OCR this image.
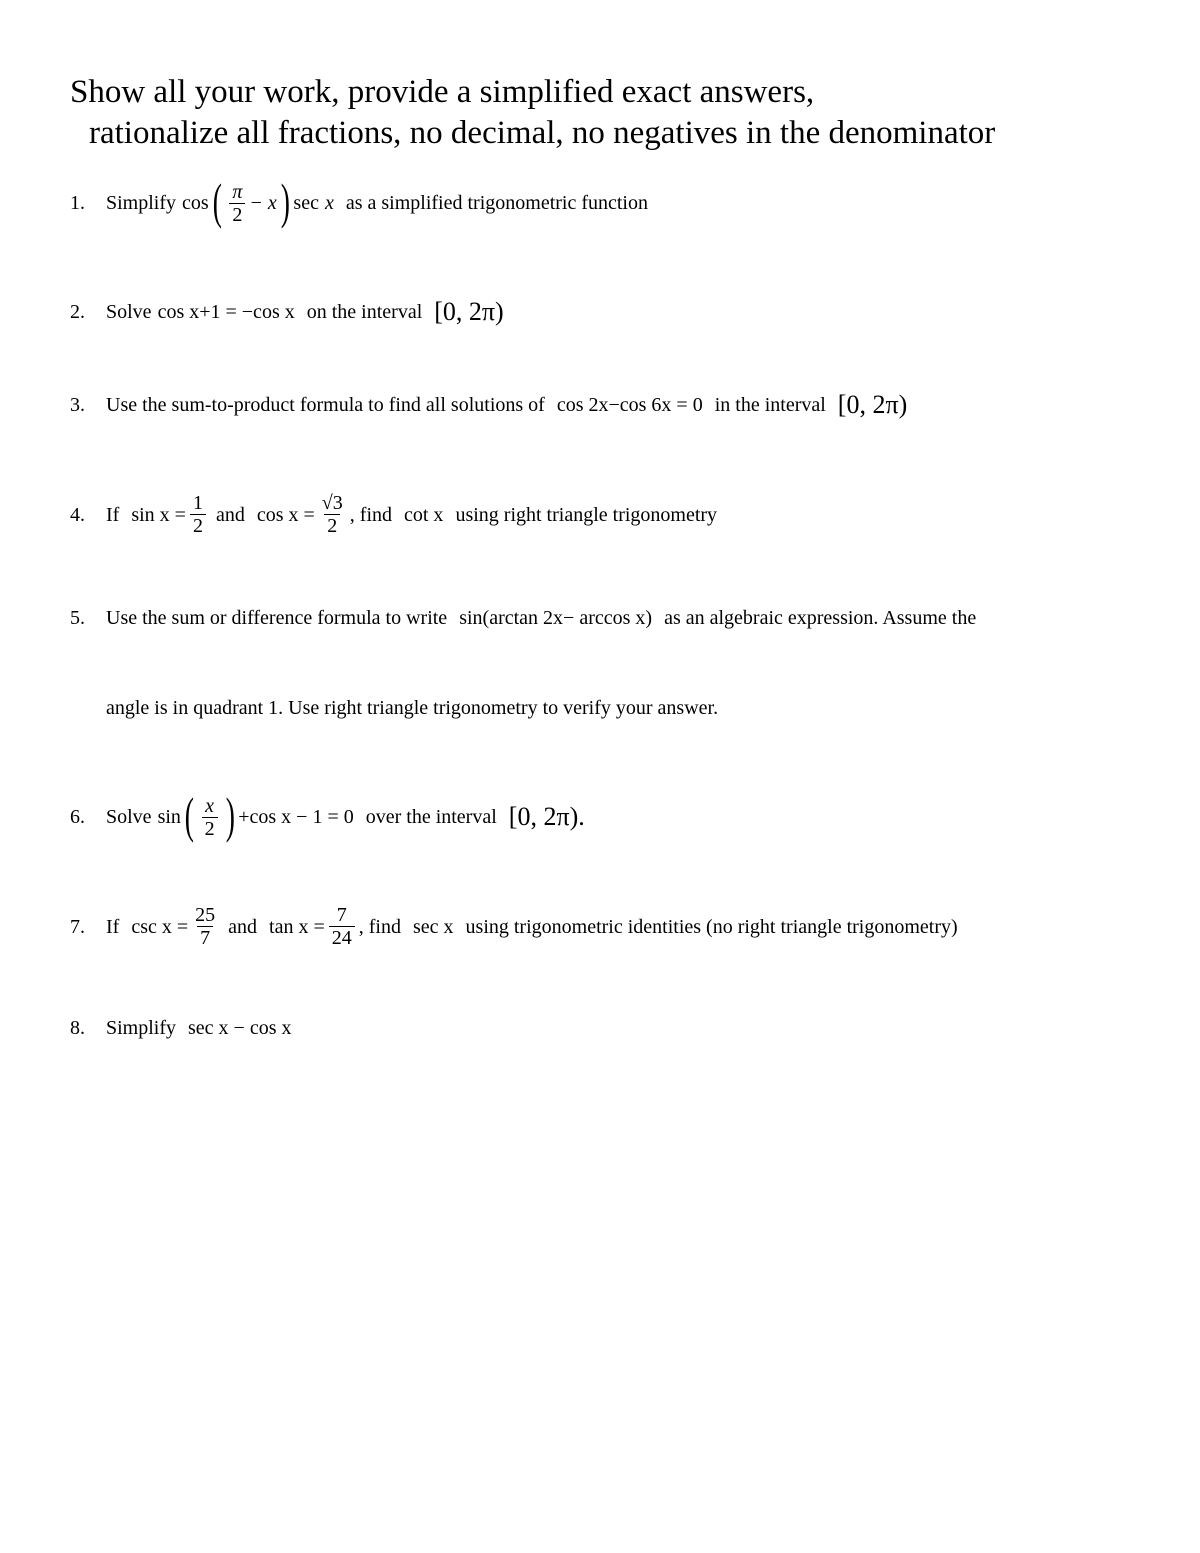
Show all your work, provide a simplified exact answers,
rationalize all fractions, no decimal, no negatives in the denominator
1.	Simplify cos ( $\frac{\pi}{2} - x$ ) sec x as a simplified trigonometric function
2.	Solve cos x+1 = −cos x on the interval [0, 2π)
3.	Use the sum-to-product formula to find all solutions of cos 2x−cos 6x = 0 in the interval [0, 2π)
4.	If $\sin x = \frac{1}{2}$ and $\cos x = \frac{√3}{2}$ , find cot x using right triangle trigonometry
5.	Use the sum or difference formula to write sin(arctan 2x− arccos x) as an algebraic expression. Assume the
angle is in quadrant 1. Use right triangle trigonometry to verify your answer.
6.	Solve sin ( $\frac{x}{2}$ ) +cos x − 1 = 0 over the interval [0, 2π).
7.	If $\csc x = \frac{25}{7}$ and $\tan x = \frac{7}{24}$ , find sec x using trigonometric identities (no right triangle trigonometry)
8.	Simplify sec x − cos x
